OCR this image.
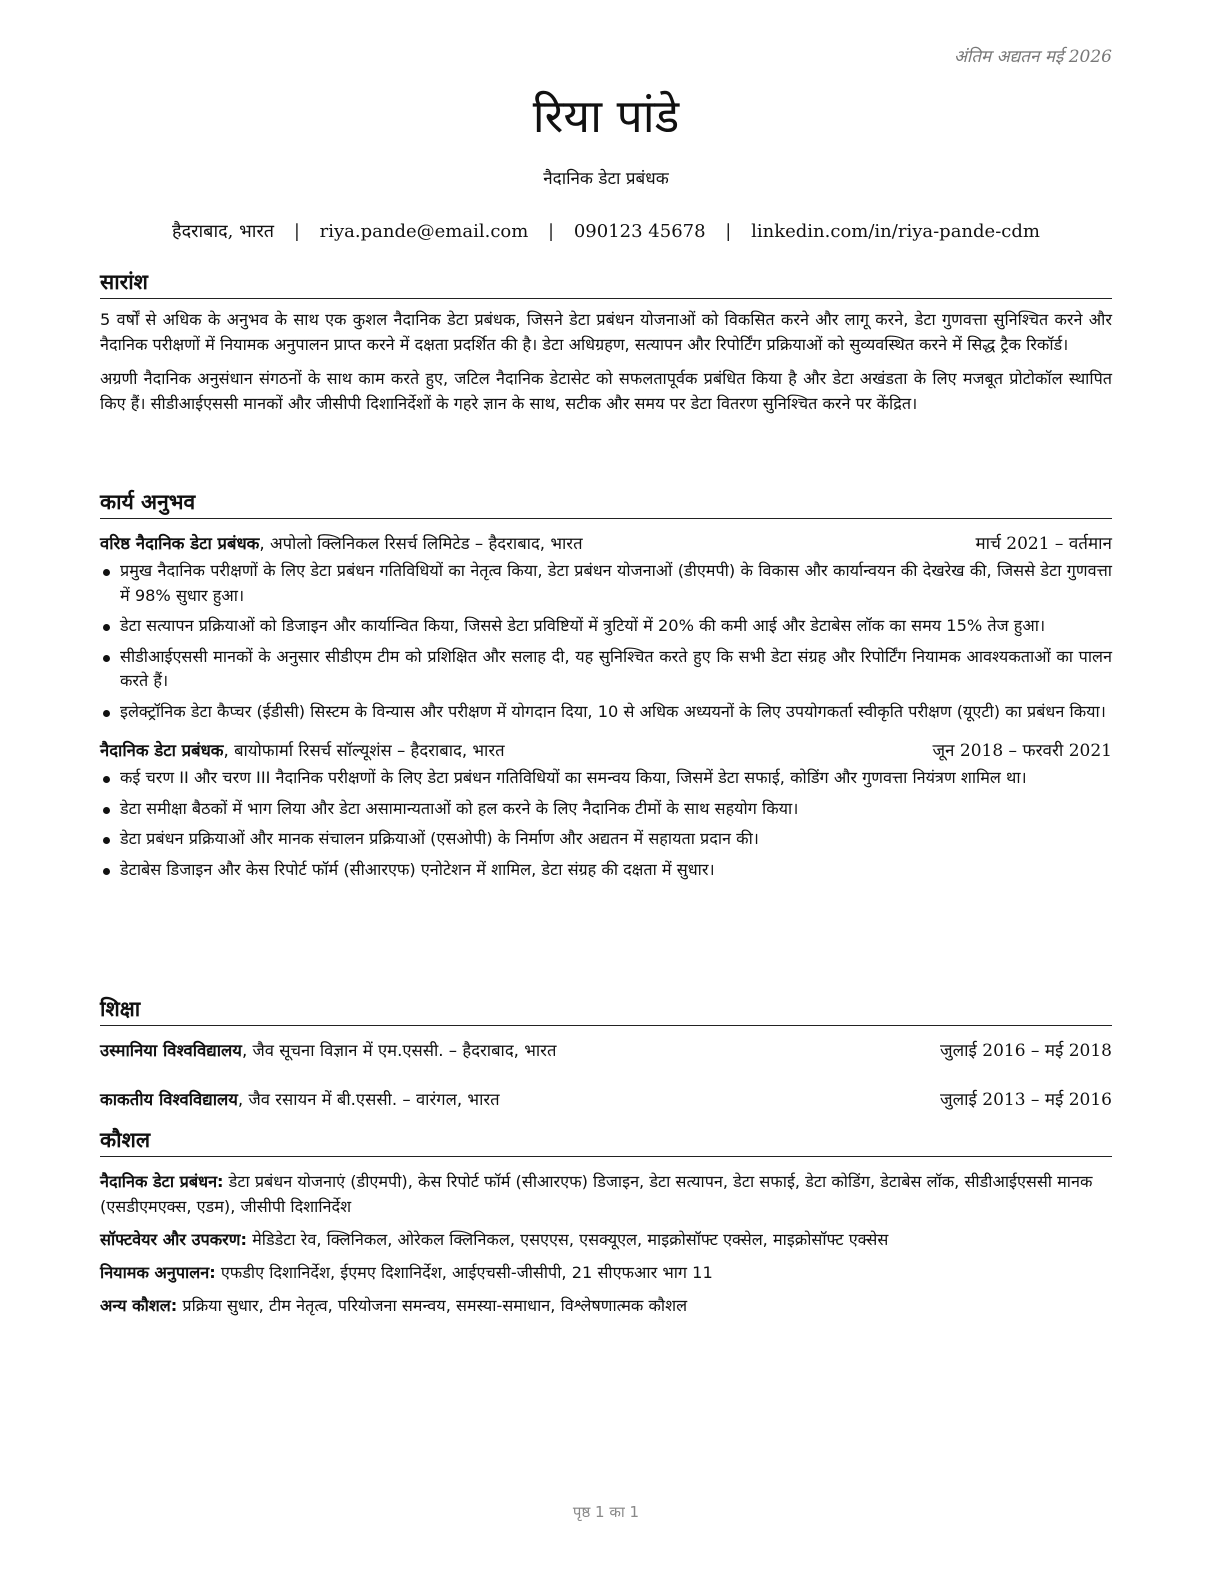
अंतिम अद्यतन मई 2026
रिया पांडे
नैदानिक डेटा प्रबंधक
हैदराबाद, भारत | riya.pande@email.com | 090123 45678 | linkedin.com/in/riya-pande-cdm
सारांश

5 वर्षों से अधिक के अनुभव के साथ एक कुशल नैदानिक डेटा प्रबंधक, जिसने डेटा प्रबंधन योजनाओं को विकसित करने और लागू करने, डेटा गुणवत्ता सुनिश्चित करने और नैदानिक परीक्षणों में नियामक अनुपालन प्राप्त करने में दक्षता प्रदर्शित की है। डेटा अधिग्रहण, सत्यापन और रिपोर्टिंग प्रक्रियाओं को सुव्यवस्थित करने में सिद्ध ट्रैक रिकॉर्ड।

अग्रणी नैदानिक अनुसंधान संगठनों के साथ काम करते हुए, जटिल नैदानिक डेटासेट को सफलतापूर्वक प्रबंधित किया है और डेटा अखंडता के लिए मजबूत प्रोटोकॉल स्थापित किए हैं। सीडीआईएससी मानकों और जीसीपी दिशानिर्देशों के गहरे ज्ञान के साथ, सटीक और समय पर डेटा वितरण सुनिश्चित करने पर केंद्रित।

कार्य अनुभव
वरिष्ठ नैदानिक डेटा प्रबंधक, अपोलो क्लिनिकल रिसर्च लिमिटेड – हैदराबाद, भारत	मार्च 2021 – वर्तमान
प्रमुख नैदानिक परीक्षणों के लिए डेटा प्रबंधन गतिविधियों का नेतृत्व किया, डेटा प्रबंधन योजनाओं (डीएमपी) के विकास और कार्यान्वयन की देखरेख की, जिससे डेटा गुणवत्ता में 98% सुधार हुआ।
डेटा सत्यापन प्रक्रियाओं को डिजाइन और कार्यान्वित किया, जिससे डेटा प्रविष्टियों में त्रुटियों में 20% की कमी आई और डेटाबेस लॉक का समय 15% तेज हुआ।
सीडीआईएससी मानकों के अनुसार सीडीएम टीम को प्रशिक्षित और सलाह दी, यह सुनिश्चित करते हुए कि सभी डेटा संग्रह और रिपोर्टिंग नियामक आवश्यकताओं का पालन करते हैं।
इलेक्ट्रॉनिक डेटा कैप्चर (ईडीसी) सिस्टम के विन्यास और परीक्षण में योगदान दिया, 10 से अधिक अध्ययनों के लिए उपयोगकर्ता स्वीकृति परीक्षण (यूएटी) का प्रबंधन किया।
नैदानिक डेटा प्रबंधक, बायोफार्मा रिसर्च सॉल्यूशंस – हैदराबाद, भारत	जून 2018 – फरवरी 2021
कई चरण II और चरण III नैदानिक परीक्षणों के लिए डेटा प्रबंधन गतिविधियों का समन्वय किया, जिसमें डेटा सफाई, कोडिंग और गुणवत्ता नियंत्रण शामिल था।
डेटा समीक्षा बैठकों में भाग लिया और डेटा असामान्यताओं को हल करने के लिए नैदानिक टीमों के साथ सहयोग किया।
डेटा प्रबंधन प्रक्रियाओं और मानक संचालन प्रक्रियाओं (एसओपी) के निर्माण और अद्यतन में सहायता प्रदान की।
डेटाबेस डिजाइन और केस रिपोर्ट फॉर्म (सीआरएफ) एनोटेशन में शामिल, डेटा संग्रह की दक्षता में सुधार।
शिक्षा
उस्मानिया विश्वविद्यालय, जैव सूचना विज्ञान में एम.एससी. – हैदराबाद, भारत	जुलाई 2016 – मई 2018
काकतीय विश्वविद्यालय, जैव रसायन में बी.एससी. – वारंगल, भारत	जुलाई 2013 – मई 2016
कौशल
नैदानिक डेटा प्रबंधन: डेटा प्रबंधन योजनाएं (डीएमपी), केस रिपोर्ट फॉर्म (सीआरएफ) डिजाइन, डेटा सत्यापन, डेटा सफाई, डेटा कोडिंग, डेटाबेस लॉक, सीडीआईएससी मानक (एसडीएमएक्स, एडम), जीसीपी दिशानिर्देश
सॉफ्टवेयर और उपकरण: मेडिडेटा रेव, क्लिनिकल, ओरेकल क्लिनिकल, एसएएस, एसक्यूएल, माइक्रोसॉफ्ट एक्सेल, माइक्रोसॉफ्ट एक्सेस
नियामक अनुपालन: एफडीए दिशानिर्देश, ईएमए दिशानिर्देश, आईएचसी-जीसीपी, 21 सीएफआर भाग 11
अन्य कौशल: प्रक्रिया सुधार, टीम नेतृत्व, परियोजना समन्वय, समस्या-समाधान, विश्लेषणात्मक कौशल
पृष्ठ 1 का 1
